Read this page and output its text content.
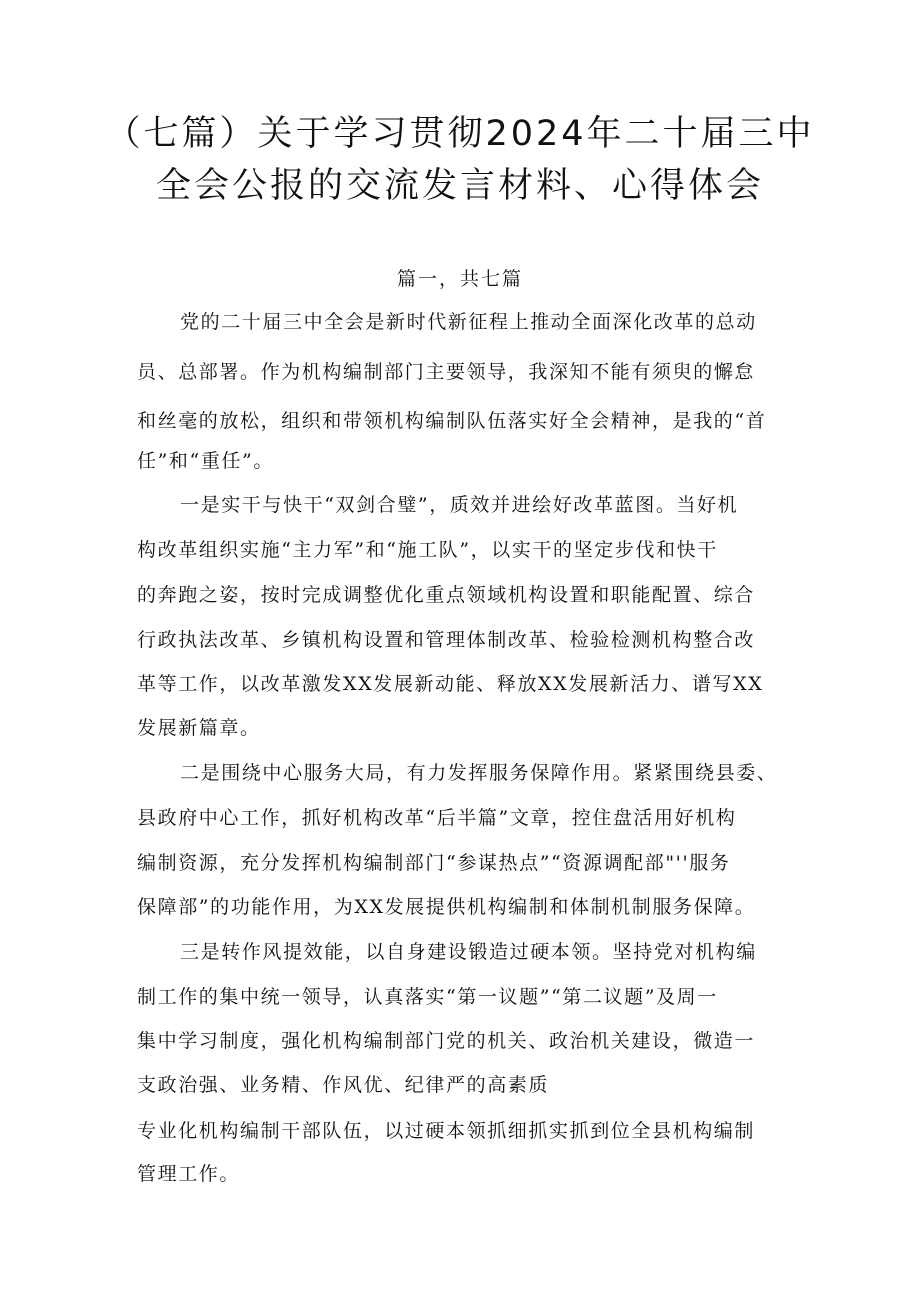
（七篇）关于学习贯彻2024年二十届三中
全会公报的交流发言材料、心得体会
篇一，共七篇
党的二十届三中全会是新时代新征程上推动全面深化改革的总动
员、总部署。作为机构编制部门主要领导，我深知不能有须臾的懈怠
和丝毫的放松，组织和带领机构编制队伍落实好全会精神，是我的“首
任”和“重任”。
一是实干与快干“双剑合璧”，质效并进绘好改革蓝图。当好机
构改革组织实施“主力军”和“施工队”，以实干的坚定步伐和快干
的奔跑之姿，按时完成调整优化重点领域机构设置和职能配置、综合
行政执法改革、乡镇机构设置和管理体制改革、检验检测机构整合改
革等工作，以改革激发XX发展新动能、释放XX发展新活力、谱写XX
发展新篇章。
二是围绕中心服务大局，有力发挥服务保障作用。紧紧围绕县委、
县政府中心工作，抓好机构改革“后半篇”文章，控住盘活用好机构
编制资源，充分发挥机构编制部门“参谋热点”“资源调配部"''服务
保障部”的功能作用，为XX发展提供机构编制和体制机制服务保障。
三是转作风提效能，以自身建设锻造过硬本领。坚持党对机构编
制工作的集中统一领导，认真落实“第一议题”“第二议题”及周一
集中学习制度，强化机构编制部门党的机关、政治机关建设，微造一
支政治强、业务精、作风优、纪律严的高素质
专业化机构编制干部队伍，以过硬本领抓细抓实抓到位全县机构编制
管理工作。
